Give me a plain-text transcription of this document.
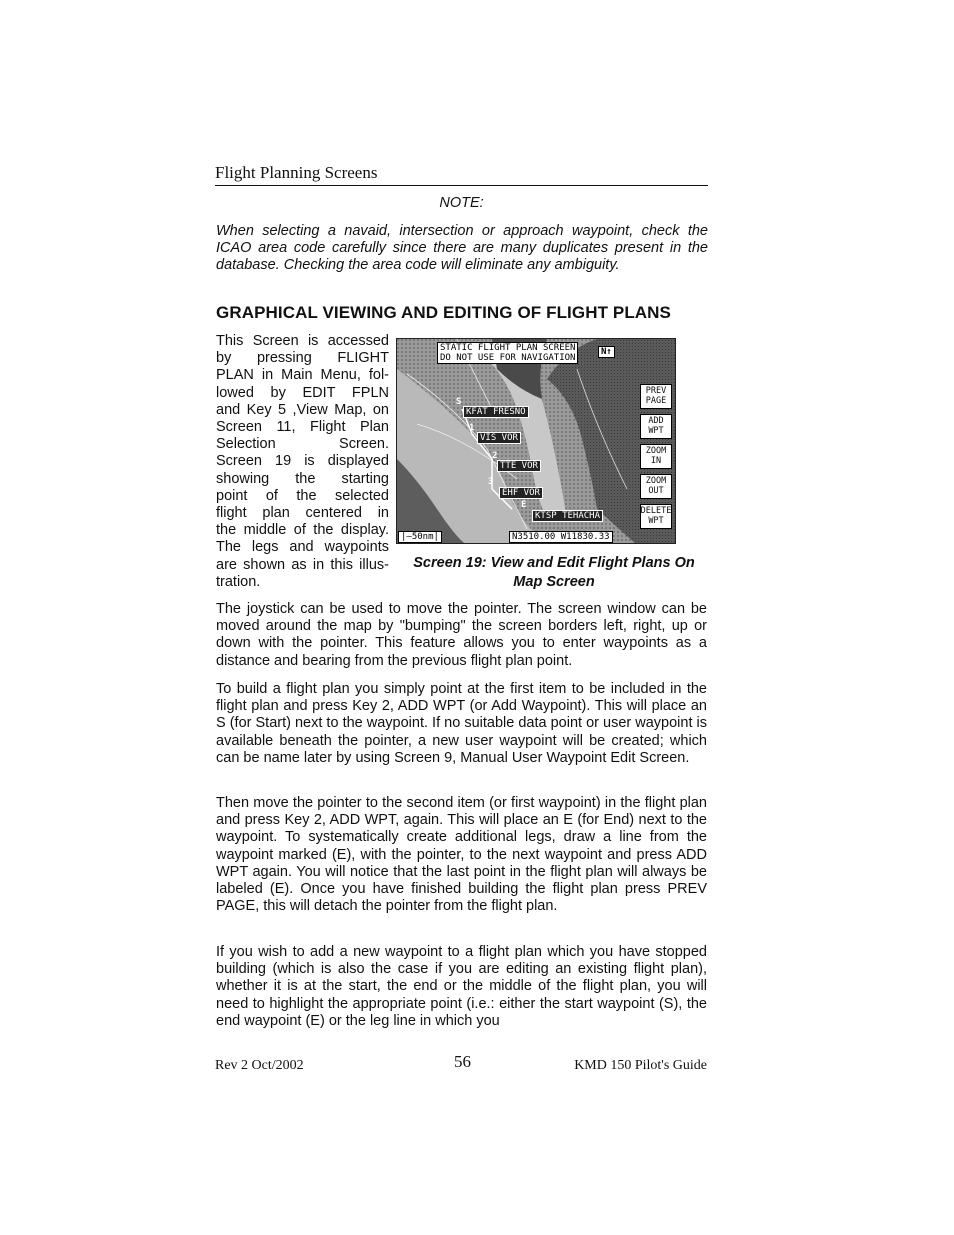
Flight Planning Screens
NOTE:
When selecting a navaid, intersection or approach waypoint, check the ICAO area code carefully since there are many duplicates present in the database. Checking the area code will eliminate any ambiguity.
GRAPHICAL VIEWING AND EDITING OF FLIGHT PLANS
This Screen is accessed
by pressing FLIGHT
PLAN in Main Menu, fol-
lowed by EDIT FPLN
and Key 5 ,View Map, on
Screen 11, Flight Plan
Selection Screen.
Screen 19 is displayed
showing the starting
point of the selected
flight plan centered in
the middle of the display.
The legs and waypoints
are shown as in this illus-
tration.
STATIC FLIGHT PLAN SCREEN
DO NOT USE FOR NAVIGATION
N↑
PREV
PAGE
ADD
WPT
ZOOM
IN
ZOOM
OUT
DELETE
WPT
S
KFAT FRESNO
1
VIS VOR
2
TTE VOR
3
EHF VOR
E
KTSP TEHACHA
|—50nm|	N3510.00 W11830.33
Screen 19: View and Edit Flight Plans On
Map Screen
The joystick can be used to move the pointer. The screen window can be moved around the map by "bumping" the screen borders left, right, up or down with the pointer. This feature allows you to enter waypoints as a distance and bearing from the previous flight plan point.
To build a flight plan you simply point at the first item to be included in the flight plan and press Key 2, ADD WPT (or Add Waypoint). This will place an S (for Start) next to the waypoint. If no suitable data point or user waypoint is available beneath the pointer, a new user waypoint will be created; which can be name later by using Screen 9, Manual User Waypoint Edit Screen.
Then move the pointer to the second item (or first waypoint) in the flight plan and press Key 2, ADD WPT, again. This will place an E (for End) next to the waypoint. To systematically create additional legs, draw a line from the waypoint marked (E), with the pointer, to the next waypoint and press ADD WPT again. You will notice that the last point in the flight plan will always be labeled (E). Once you have finished building the flight plan press PREV PAGE, this will detach the pointer from the flight plan.
If you wish to add a new waypoint to a flight plan which you have stopped building (which is also the case if you are editing an existing flight plan), whether it is at the start, the end or the middle of the flight plan, you will need to highlight the appropriate point (i.e.: either the start waypoint (S), the end waypoint (E) or the leg line in which you
Rev 2 Oct/2002	56	KMD 150 Pilot's Guide
